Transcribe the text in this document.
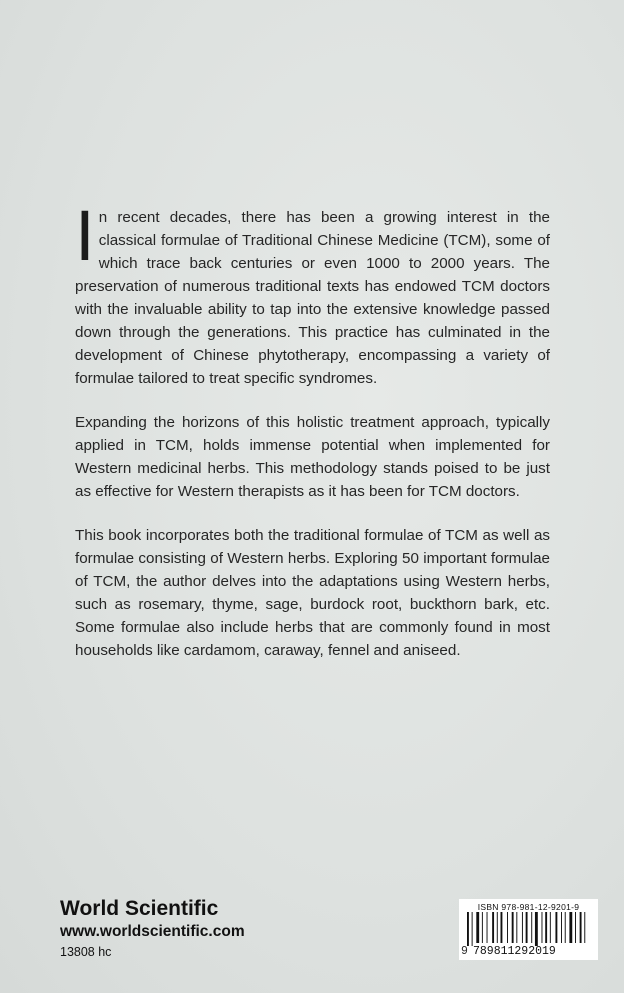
In recent decades, there has been a growing interest in the classical formulae of Traditional Chinese Medicine (TCM), some of which trace back centuries or even 1000 to 2000 years. The preservation of numerous traditional texts has endowed TCM doctors with the invaluable ability to tap into the extensive knowledge passed down through the generations. This practice has culminated in the development of Chinese phytotherapy, encompassing a variety of formulae tailored to treat specific syndromes.

Expanding the horizons of this holistic treatment approach, typically applied in TCM, holds immense potential when implemented for Western medicinal herbs. This methodology stands poised to be just as effective for Western therapists as it has been for TCM doctors.

This book incorporates both the traditional formulae of TCM as well as formulae consisting of Western herbs. Exploring 50 important formulae of TCM, the author delves into the adaptations using Western herbs, such as rosemary, thyme, sage, burdock root, buckthorn bark, etc. Some formulae also include herbs that are commonly found in most households like cardamom, caraway, fennel and aniseed.

World Scientific
www.worldscientific.com
13808 hc
ISBN 978-981-12-9201-9
9 789811292019
